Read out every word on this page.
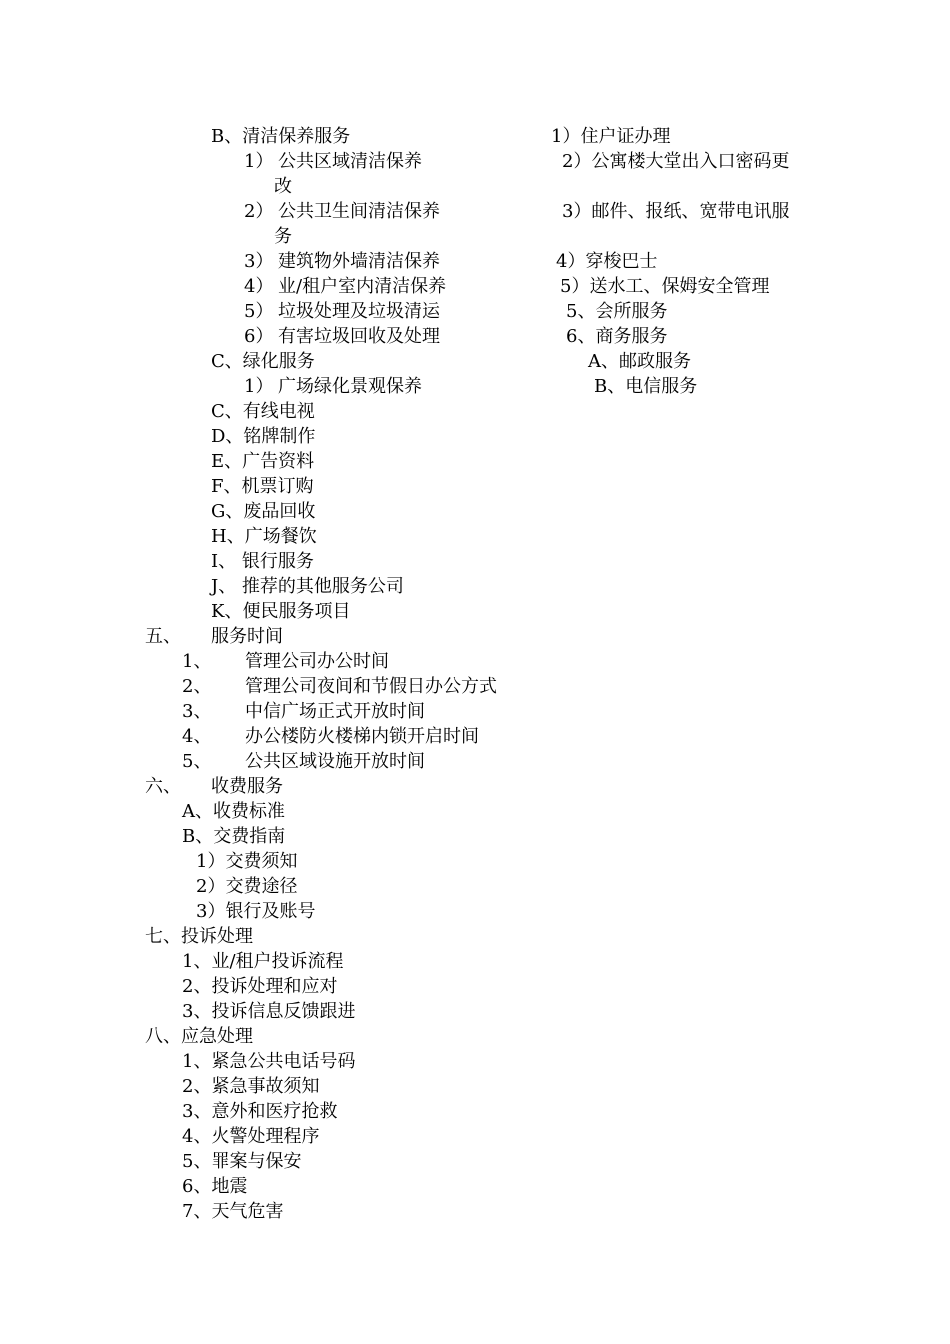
B、清洁保养服务
1） 公共区域清洁保养
2） 公共卫生间清洁保养
3） 建筑物外墙清洁保养
4） 业/租户室内清洁保养
5） 垃圾处理及垃圾清运
6） 有害垃圾回收及处理
C、绿化服务
1） 广场绿化景观保养
C、有线电视
D、铭牌制作
E、广告资料
F、机票订购
G、废品回收
H、广场餐饮
I、 银行服务
J、 推荐的其他服务公司
K、便民服务项目
1）住户证办理
2）公寓楼大堂出入口密码更
改
3）邮件、报纸、宽带电讯服
务
4）穿梭巴士
5）送水工、保姆安全管理
5、会所服务
6、商务服务
A、邮政服务
B、电信服务
五、 服务时间
1、 管理公司办公时间
2、 管理公司夜间和节假日办公方式
3、 中信广场正式开放时间
4、 办公楼防火楼梯内锁开启时间
5、 公共区域设施开放时间
六、 收费服务
A、收费标准
B、交费指南
1）交费须知
2）交费途径
3）银行及账号
七、投诉处理
1、业/租户投诉流程
2、投诉处理和应对
3、投诉信息反馈跟进
八、应急处理
1、紧急公共电话号码
2、紧急事故须知
3、意外和医疗抢救
4、火警处理程序
5、罪案与保安
6、地震
7、天气危害
